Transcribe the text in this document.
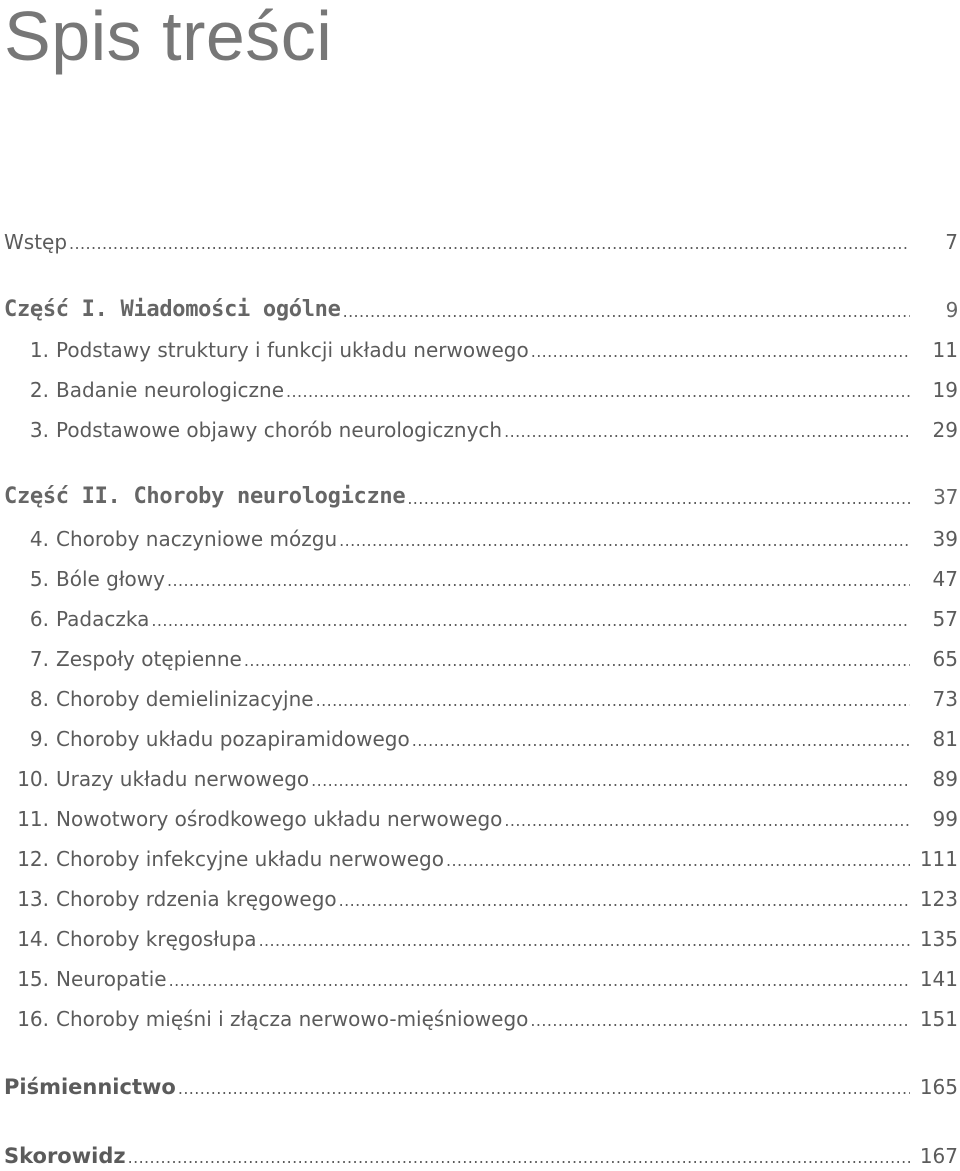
Spis treści
Wstęp .....	7
Część I. Wiadomości ogólne .....	9
1. Podstawy struktury i funkcji układu nerwowego .....	11
2. Badanie neurologiczne .....	19
3. Podstawowe objawy chorób neurologicznych .....	29
Część II. Choroby neurologiczne .....	37
4. Choroby naczyniowe mózgu .....	39
5. Bóle głowy .....	47
6. Padaczka .....	57
7. Zespoły otępienne .....	65
8. Choroby demielinizacyjne .....	73
9. Choroby układu pozapiramidowego .....	81
10. Urazy układu nerwowego .....	89
11. Nowotwory ośrodkowego układu nerwowego .....	99
12. Choroby infekcyjne układu nerwowego .....	111
13. Choroby rdzenia kręgowego .....	123
14. Choroby kręgosłupa .....	135
15. Neuropatie .....	141
16. Choroby mięśni i złącza nerwowo-mięśniowego .....	151
Piśmiennictwo .....	165
Skorowidz .....	167
